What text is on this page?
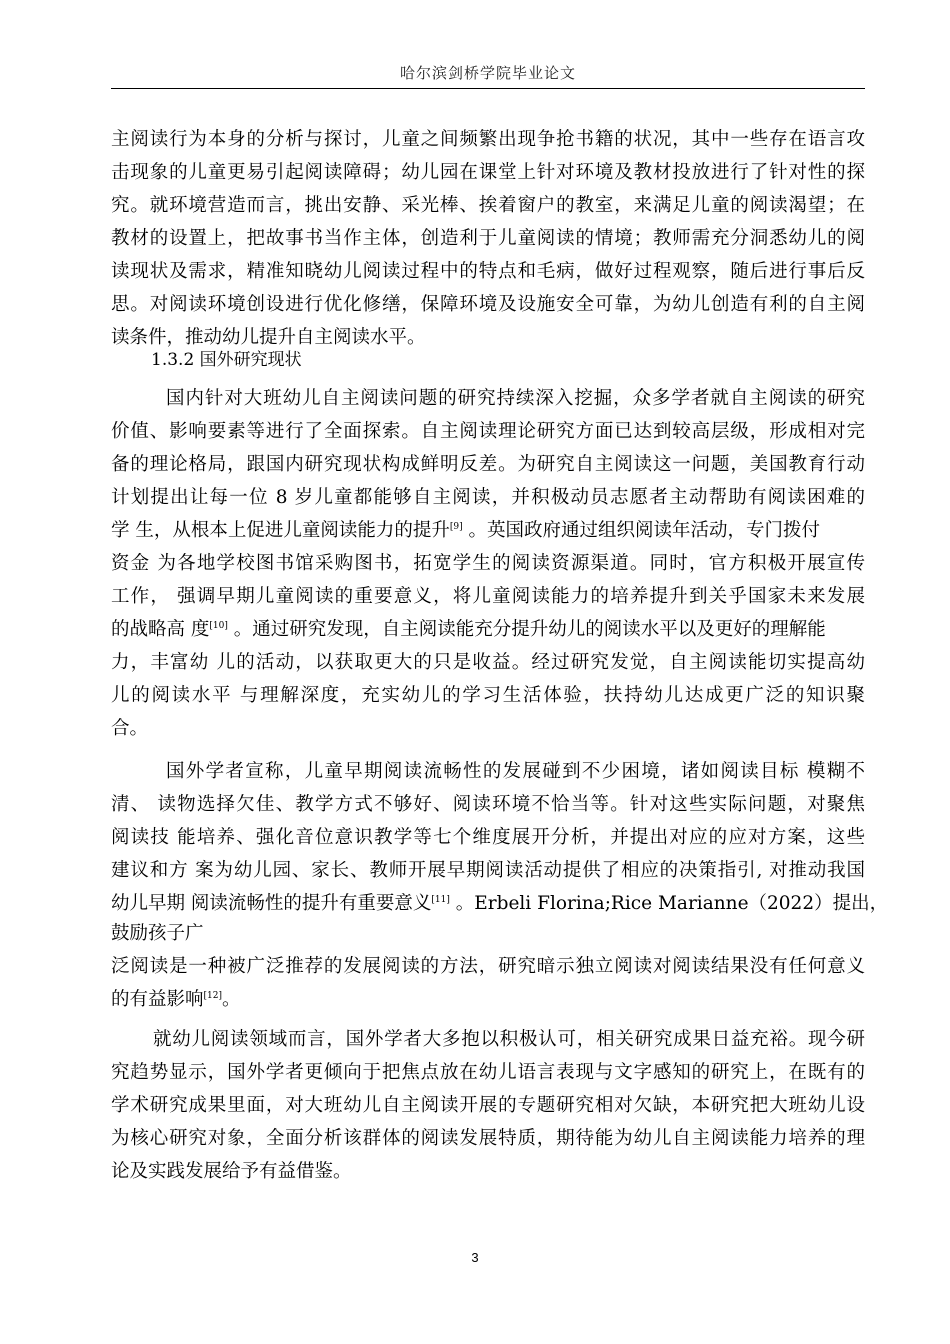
哈尔滨剑桥学院毕业论文
主阅读行为本身的分析与探讨，儿童之间频繁出现争抢书籍的状况，其中一些存在语言攻
击现象的儿童更易引起阅读障碍；幼儿园在课堂上针对环境及教材投放进行了针对性的探
究。就环境营造而言，挑出安静、采光棒、挨着窗户的教室，来满足儿童的阅读渴望；在
教材的设置上，把故事书当作主体，创造利于儿童阅读的情境；教师需充分洞悉幼儿的阅
读现状及需求，精准知晓幼儿阅读过程中的特点和毛病，做好过程观察，随后进行事后反
思。对阅读环境创设进行优化修缮，保障环境及设施安全可靠，为幼儿创造有利的自主阅
读条件，推动幼儿提升自主阅读水平。
1.3.2 国外研究现状
国内针对大班幼儿自主阅读问题的研究持续深入挖掘，众多学者就自主阅读的研究
价值、影响要素等进行了全面探索。自主阅读理论研究方面已达到较高层级，形成相对完
备的理论格局，跟国内研究现状构成鲜明反差。为研究自主阅读这一问题，美国教育行动
计划提出让每一位 8 岁儿童都能够自主阅读，并积极动员志愿者主动帮助有阅读困难的
学 生，从根本上促进儿童阅读能力的提升[9] 。英国政府通过组织阅读年活动，专门拨付
资金 为各地学校图书馆采购图书，拓宽学生的阅读资源渠道。同时，官方积极开展宣传
工作， 强调早期儿童阅读的重要意义，将儿童阅读能力的培养提升到关乎国家未来发展
的战略高 度[10] 。通过研究发现，自主阅读能充分提升幼儿的阅读水平以及更好的理解能
力，丰富幼 儿的活动，以获取更大的只是收益。经过研究发觉，自主阅读能切实提高幼
儿的阅读水平 与理解深度，充实幼儿的学习生活体验，扶持幼儿达成更广泛的知识聚
合。
国外学者宣称，儿童早期阅读流畅性的发展碰到不少困境，诸如阅读目标 模糊不
清、 读物选择欠佳、教学方式不够好、阅读环境不恰当等。针对这些实际问题，对聚焦
阅读技 能培养、强化音位意识教学等七个维度展开分析，并提出对应的应对方案，这些
建议和方 案为幼儿园、家长、教师开展早期阅读活动提供了相应的决策指引, 对推动我国
幼儿早期 阅读流畅性的提升有重要意义[11] 。Erbeli Florina;Rice Marianne（2022）提出，
鼓励孩子广
泛阅读是一种被广泛推荐的发展阅读的方法，研究暗示独立阅读对阅读结果没有任何意义
的有益影响[12]。
就幼儿阅读领域而言，国外学者大多抱以积极认可，相关研究成果日益充裕。现今研
究趋势显示，国外学者更倾向于把焦点放在幼儿语言表现与文字感知的研究上，在既有的
学术研究成果里面，对大班幼儿自主阅读开展的专题研究相对欠缺，本研究把大班幼儿设
为核心研究对象，全面分析该群体的阅读发展特质，期待能为幼儿自主阅读能力培养的理
论及实践发展给予有益借鉴。
3
